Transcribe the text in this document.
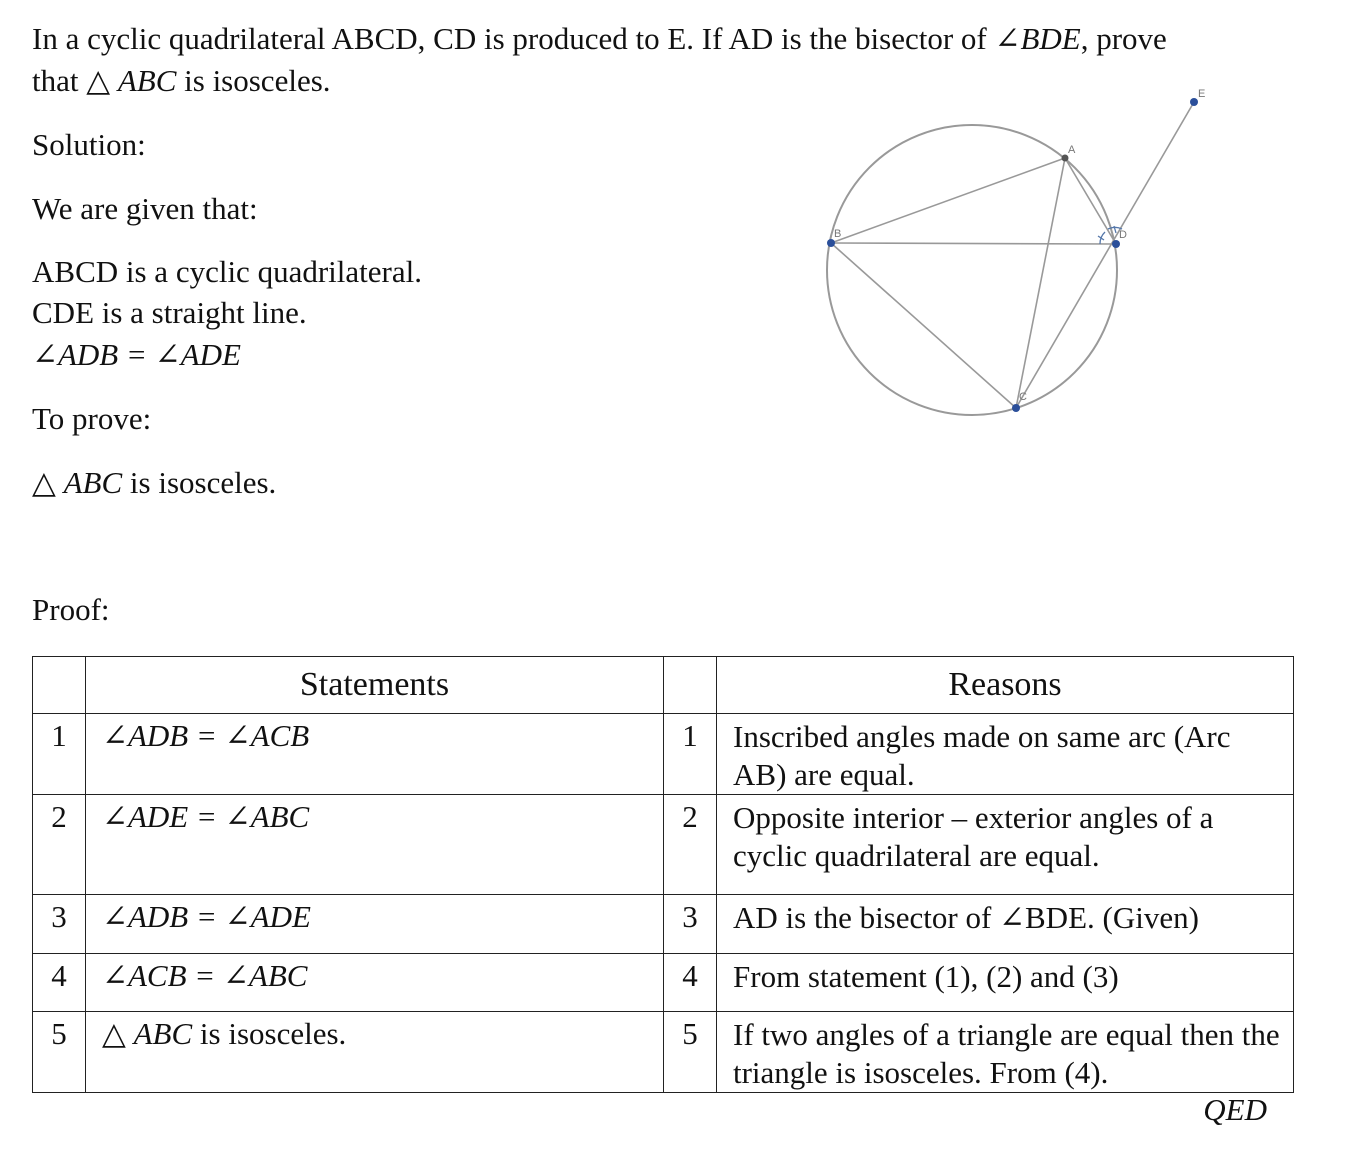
In a cyclic quadrilateral ABCD, CD is produced to E. If AD is the bisector of ∠BDE, prove
that △ ABC is isosceles.
Solution:
We are given that:
ABCD is a cyclic quadrilateral.
CDE is a straight line.
∠ADB = ∠ADE
To prove:
△ ABC is isosceles.
Proof:
A
B
C
D
E
	Statements		Reasons
1	∠ADB = ∠ACB	1	Inscribed angles made on same arc (Arc AB) are equal.
2	∠ADE = ∠ABC	2	Opposite interior – exterior angles of a cyclic quadrilateral are equal.
3	∠ADB = ∠ADE	3	AD is the bisector of ∠BDE. (Given)
4	∠ACB = ∠ABC	4	From statement (1), (2) and (3)
5	△ ABC is isosceles.	5	If two angles of a triangle are equal then the triangle is isosceles. From (4).
QED
